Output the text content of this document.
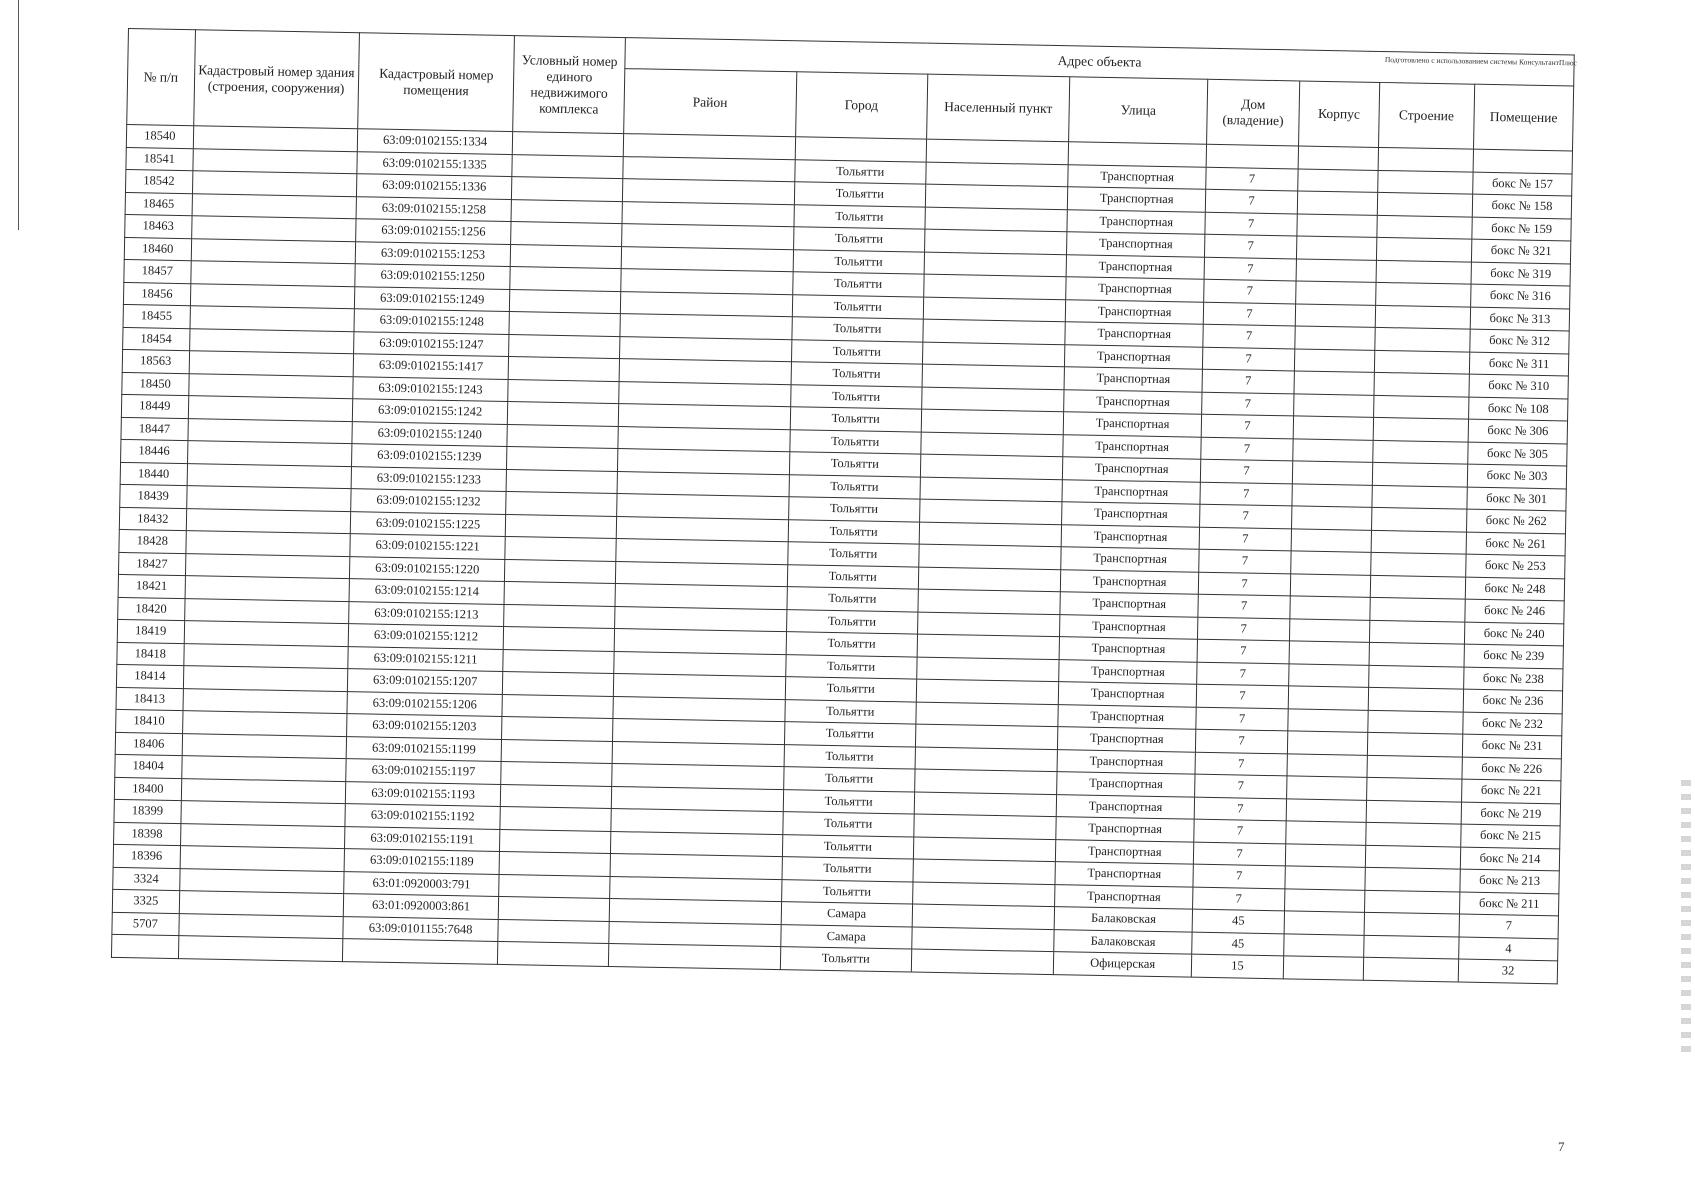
Подготовлено с использованием системы КонсультантПлюс
№ п/п	Кадастровый номер здания (строения, сооружения)	Кадастровый номер помещения	Условный номер единого недвижимого комплекса	Адрес объекта							
				Район	Город	Населенный пункт	Улица	Дом (владение)	Корпус	Строение	Помещение
18540		63:09:0102155:1334									
18541		63:09:0102155:1335			Тольятти		Транспортная	7			бокс № 157
18542		63:09:0102155:1336			Тольятти		Транспортная	7			бокс № 158
18465		63:09:0102155:1258			Тольятти		Транспортная	7			бокс № 159
18463		63:09:0102155:1256			Тольятти		Транспортная	7			бокс № 321
18460		63:09:0102155:1253			Тольятти		Транспортная	7			бокс № 319
18457		63:09:0102155:1250			Тольятти		Транспортная	7			бокс № 316
18456		63:09:0102155:1249			Тольятти		Транспортная	7			бокс № 313
18455		63:09:0102155:1248			Тольятти		Транспортная	7			бокс № 312
18454		63:09:0102155:1247			Тольятти		Транспортная	7			бокс № 311
18563		63:09:0102155:1417			Тольятти		Транспортная	7			бокс № 310
18450		63:09:0102155:1243			Тольятти		Транспортная	7			бокс № 108
18449		63:09:0102155:1242			Тольятти		Транспортная	7			бокс № 306
18447		63:09:0102155:1240			Тольятти		Транспортная	7			бокс № 305
18446		63:09:0102155:1239			Тольятти		Транспортная	7			бокс № 303
18440		63:09:0102155:1233			Тольятти		Транспортная	7			бокс № 301
18439		63:09:0102155:1232			Тольятти		Транспортная	7			бокс № 262
18432		63:09:0102155:1225			Тольятти		Транспортная	7			бокс № 261
18428		63:09:0102155:1221			Тольятти		Транспортная	7			бокс № 253
18427		63:09:0102155:1220			Тольятти		Транспортная	7			бокс № 248
18421		63:09:0102155:1214			Тольятти		Транспортная	7			бокс № 246
18420		63:09:0102155:1213			Тольятти		Транспортная	7			бокс № 240
18419		63:09:0102155:1212			Тольятти		Транспортная	7			бокс № 239
18418		63:09:0102155:1211			Тольятти		Транспортная	7			бокс № 238
18414		63:09:0102155:1207			Тольятти		Транспортная	7			бокс № 236
18413		63:09:0102155:1206			Тольятти		Транспортная	7			бокс № 232
18410		63:09:0102155:1203			Тольятти		Транспортная	7			бокс № 231
18406		63:09:0102155:1199			Тольятти		Транспортная	7			бокс № 226
18404		63:09:0102155:1197			Тольятти		Транспортная	7			бокс № 221
18400		63:09:0102155:1193			Тольятти		Транспортная	7			бокс № 219
18399		63:09:0102155:1192			Тольятти		Транспортная	7			бокс № 215
18398		63:09:0102155:1191			Тольятти		Транспортная	7			бокс № 214
18396		63:09:0102155:1189			Тольятти		Транспортная	7			бокс № 213
3324		63:01:0920003:791			Тольятти		Транспортная	7			бокс № 211
3325		63:01:0920003:861			Самара		Балаковская	45			7
5707		63:09:0101155:7648			Самара		Балаковская	45			4
					Тольятти		Офицерская	15			32
7
